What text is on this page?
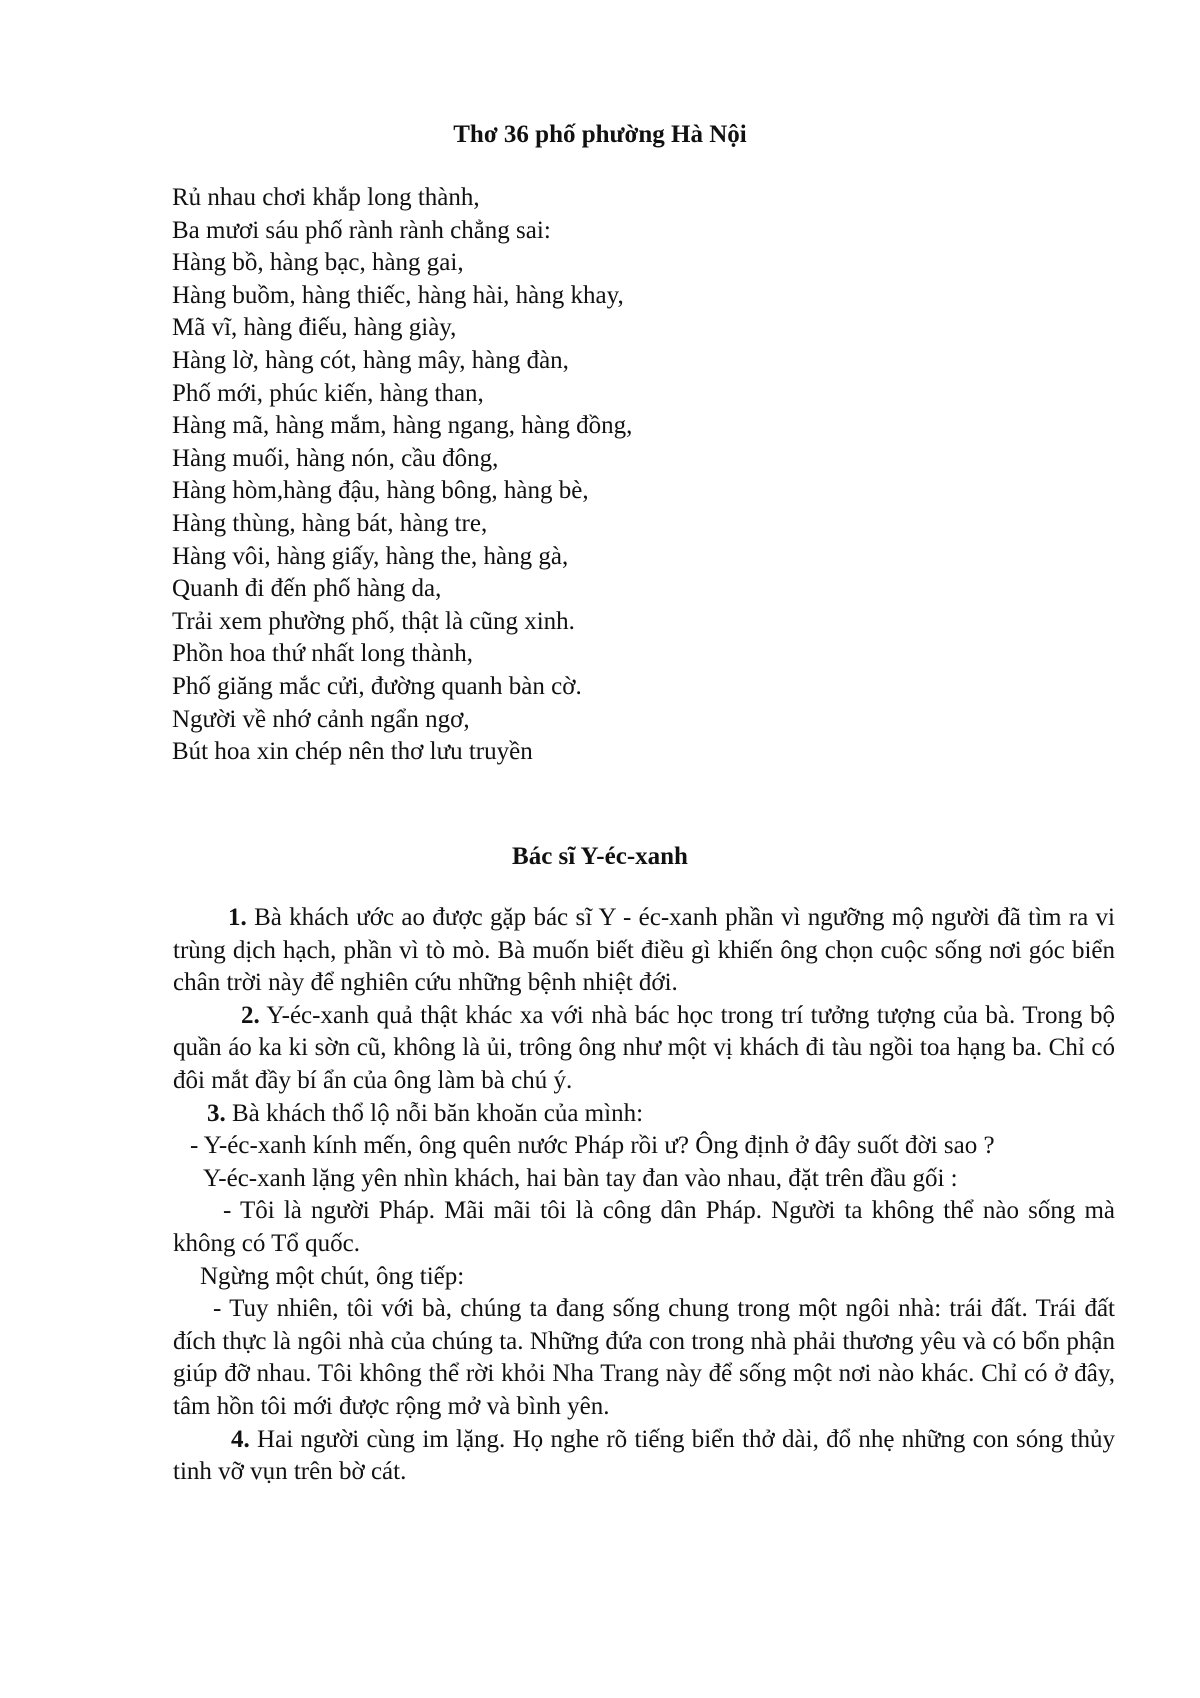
Thơ 36 phố phường Hà Nội
Rủ nhau chơi khắp long thành,
Ba mươi sáu phố rành rành chẳng sai:
Hàng bồ, hàng bạc, hàng gai,
Hàng buồm, hàng thiếc, hàng hài, hàng khay,
Mã vĩ, hàng điếu, hàng giày,
Hàng lờ, hàng cót, hàng mây, hàng đàn,
Phố mới, phúc kiến, hàng than,
Hàng mã, hàng mắm, hàng ngang, hàng đồng,
Hàng muối, hàng nón, cầu đông,
Hàng hòm,hàng đậu, hàng bông, hàng bè,
Hàng thùng, hàng bát, hàng tre,
Hàng vôi, hàng giấy, hàng the, hàng gà,
Quanh đi đến phố hàng da,
Trải xem phường phố, thật là cũng xinh.
Phồn hoa thứ nhất long thành,
Phố giăng mắc cửi, đường quanh bàn cờ.
Người về nhớ cảnh ngẩn ngơ,
Bút hoa xin chép nên thơ lưu truyền
Bác sĩ Y-éc-xanh

1. Bà khách ước ao được gặp bác sĩ Y - éc-xanh phần vì ngưỡng mộ người đã tìm ra vi trùng dịch hạch, phần vì tò mò. Bà muốn biết điều gì khiến ông chọn cuộc sống nơi góc biển chân trời này để nghiên cứu những bệnh nhiệt đới.

2. Y-éc-xanh quả thật khác xa với nhà bác học trong trí tưởng tượng của bà. Trong bộ quần áo ka ki sờn cũ, không là ủi, trông ông như một vị khách đi tàu ngồi toa hạng ba. Chỉ có đôi mắt đầy bí ẩn của ông làm bà chú ý.

3. Bà khách thổ lộ nỗi băn khoăn của mình:

- Y-éc-xanh kính mến, ông quên nước Pháp rồi ư? Ông định ở đây suốt đời sao ?

Y-éc-xanh lặng yên nhìn khách, hai bàn tay đan vào nhau, đặt trên đầu gối :

- Tôi là người Pháp. Mãi mãi tôi là công dân Pháp. Người ta không thể nào sống mà không có Tổ quốc.

Ngừng một chút, ông tiếp:

- Tuy nhiên, tôi với bà, chúng ta đang sống chung trong một ngôi nhà: trái đất. Trái đất đích thực là ngôi nhà của chúng ta. Những đứa con trong nhà phải thương yêu và có bổn phận giúp đỡ nhau. Tôi không thể rời khỏi Nha Trang này để sống một nơi nào khác. Chỉ có ở đây, tâm hồn tôi mới được rộng mở và bình yên.

4. Hai người cùng im lặng. Họ nghe rõ tiếng biển thở dài, đổ nhẹ những con sóng thủy tinh vỡ vụn trên bờ cát.
